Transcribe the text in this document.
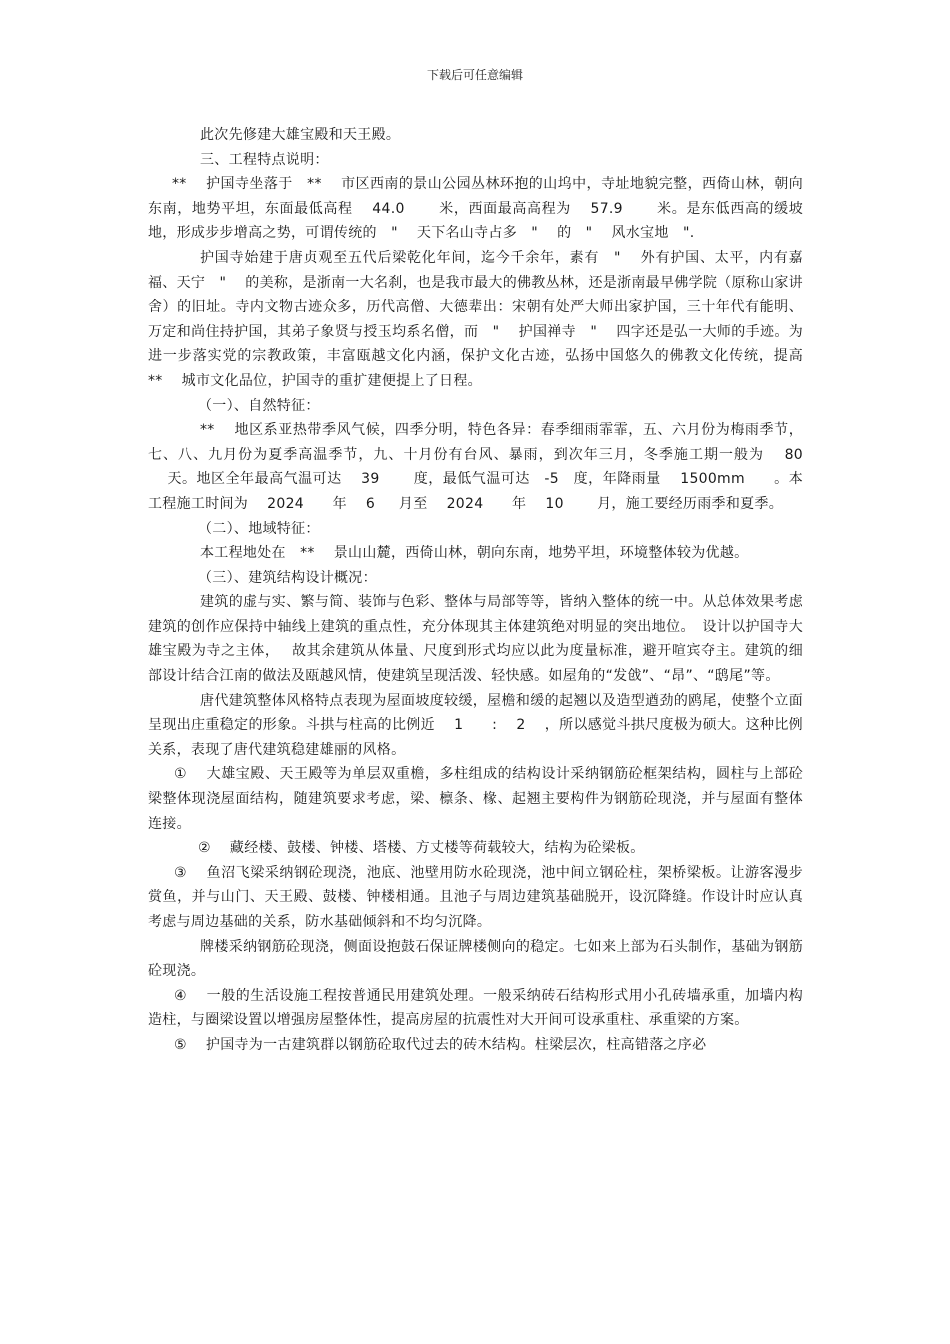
下载后可任意编辑

此次先修建大雄宝殿和天王殿。

三、工程特点说明：

**　 护国寺坐落于　** 　市区西南的景山公园丛林环抱的山坞中，寺址地貌完整，西倚山林，朝向东南，地势平坦，东面最低高程　 44.0　　 米，西面最高高程为　 57.9 　　米。是东低西高的缓坡地，形成步步增高之势，可谓传统的　"　 天下名山寺占多　"　 的　"　 风水宝地　".

护国寺始建于唐贞观至五代后梁乾化年间，迄今千余年，素有　" 　外有护国、太平，内有嘉福、天宁　"　 的美称，是浙南一大名刹，也是我市最大的佛教丛林，还是浙南最早佛学院（原称山家讲舍）的旧址。寺内文物古迹众多，历代高僧、大德辈出：宋朝有处严大师出家护国，三十年代有能明、万定和尚住持护国，其弟子象贤与授玉均系名僧，而　" 　护国禅寺　"　 四字还是弘一大师的手迹。为进一步落实党的宗教政策，丰富瓯越文化内涵，保护文化古迹，弘扬中国悠久的佛教文化传统，提高　** 　城市文化品位，护国寺的重扩建便提上了日程。

（一）、自然特征：

**　 地区系亚热带季风气候，四季分明，特色各异：春季细雨霏霏，五、六月份为梅雨季节，七、八、九月份为夏季高温季节，九、十月份有台风、暴雨，到次年三月，冬季施工期一般为　 80 　 天。地区全年最高气温可达　 39　　 度，最低气温可达　-5　度，年降雨量　 1500mm　　。本工程施工时间为　 2024　　年　 6 　 月至　 2024　　年　 10 　　月，施工要经历雨季和夏季。

（二）、地域特征：

本工程地处在　** 　景山山麓，西倚山林，朝向东南，地势平坦，环境整体较为优越。

（三）、建筑结构设计概况：

建筑的虚与实、繁与简、装饰与色彩、整体与局部等等，皆纳入整体的统一中。从总体效果考虑建筑的创作应保持中轴线上建筑的重点性，充分体现其主体建筑绝对明显的突出地位。　设计以护国寺大雄宝殿为寺之主体，　 故其余建筑从体量、尺度到形式均应以此为度量标准，避开喧宾夺主。建筑的细部设计结合江南的做法及瓯越风情，使建筑呈现活泼、轻快感。如屋角的“发戗”、“昂”、“鸱尾”等。

唐代建筑整体风格特点表现为屋面坡度较缓，屋檐和缓的起翘以及造型遒劲的鸥尾，使整个立面呈现出庄重稳定的形象。斗拱与柱高的比例近　 1　　:　 2　 ，所以感觉斗拱尺度极为硕大。这种比例关系，表现了唐代建筑稳建雄丽的风格。

①　 大雄宝殿、天王殿等为单层双重檐，多柱组成的结构设计采纳钢筋砼框架结构，圆柱与上部砼梁整体现浇屋面结构，随建筑要求考虑，梁、檩条、椽、起翘主要构件为钢筋砼现浇，并与屋面有整体连接。

②　 藏经楼、鼓楼、钟楼、塔楼、方丈楼等荷载较大，结构为砼梁板。

③　 鱼沼飞梁采纳钢砼现浇，池底、池壁用防水砼现浇，池中间立钢砼柱，架桥梁板。让游客漫步赏鱼，并与山门、天王殿、鼓楼、钟楼相通。且池子与周边建筑基础脱开，设沉降缝。作设计时应认真考虑与周边基础的关系，防水基础倾斜和不均匀沉降。

牌楼采纳钢筋砼现浇，侧面设抱鼓石保证牌楼侧向的稳定。七如来上部为石头制作，基础为钢筋砼现浇。

④　 一般的生活设施工程按普通民用建筑处理。一般采纳砖石结构形式用小孔砖墙承重，加墙内构造柱，与圈梁设置以增强房屋整体性，提高房屋的抗震性对大开间可设承重柱、承重梁的方案。

⑤　 护国寺为一古建筑群以钢筋砼取代过去的砖木结构。柱梁层次，柱高错落之序必
